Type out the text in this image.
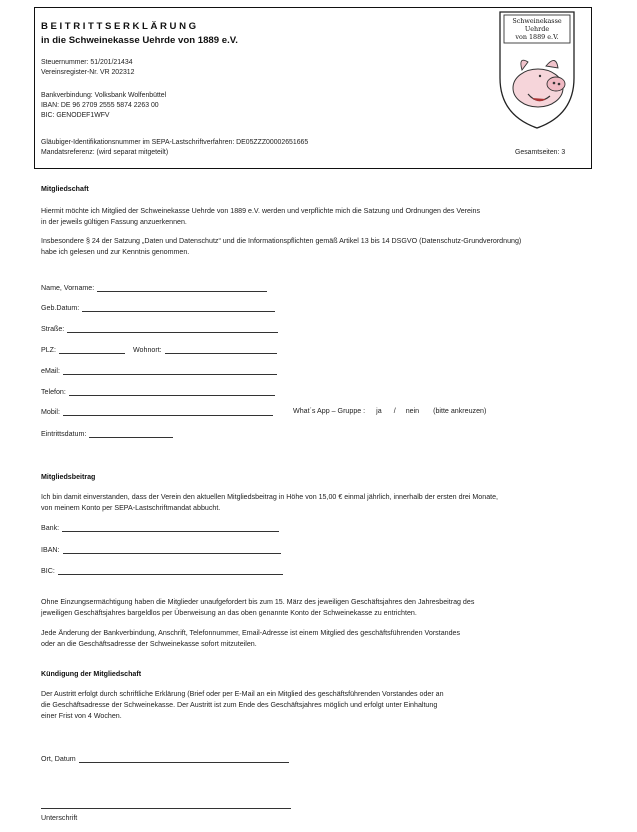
BEITRITTSERKLÄRUNG
in die Schweinekasse Uehrde von 1889 e.V.
Steuernummer: 51/201/21434
Vereinsregister-Nr. VR 202312
Bankverbindung: Volksbank Wolfenbüttel
IBAN: DE 96 2709 2555 5874 2263 00
BIC: GENODEF1WFV
Gläubiger-Identifikationsnummer im SEPA-Lastschriftverfahren: DE05ZZZ00002651665
Mandatsreferenz: (wird separat mitgeteilt)	Gesamtseiten: 3
Schweinekasse
Uehrde
von 1889 e.V.
Mitgliedschaft
Hiermit möchte ich Mitglied der Schweinekasse Uehrde von 1889 e.V. werden und verpflichte mich die Satzung und Ordnungen des Vereins
in der jeweils gültigen Fassung anzuerkennen.
Insbesondere § 24 der Satzung „Daten und Datenschutz“ und die Informationspflichten gemäß Artikel 13 bis 14 DSGVO (Datenschutz-Grundverordnung)
habe ich gelesen und zur Kenntnis genommen.
Name, Vorname:
Geb.Datum:
Straße:
PLZ:	Wohnort:
eMail:
Telefon:
Mobil:	What´s App – Gruppe : ja / nein (bitte ankreuzen)
Eintrittsdatum:
Mitgliedsbeitrag
Ich bin damit einverstanden, dass der Verein den aktuellen Mitgliedsbeitrag in Höhe von 15,00 € einmal jährlich, innerhalb der ersten drei Monate,
von meinem Konto per SEPA-Lastschriftmandat abbucht.
Bank:
IBAN:
BIC:
Ohne Einzungsermächtigung haben die Mitglieder unaufgefordert bis zum 15. März des jeweiligen Geschäftsjahres den Jahresbeitrag des
jeweiligen Geschäftsjahres bargeldlos per Überweisung an das oben genannte Konto der Schweinekasse zu entrichten.
Jede Änderung der Bankverbindung, Anschrift, Telefonnummer, Email-Adresse ist einem Mitglied des geschäftsführenden Vorstandes
oder an die Geschäftsadresse der Schweinekasse sofort mitzuteilen.
Kündigung der Mitgliedschaft
Der Austritt erfolgt durch schriftliche Erklärung (Brief oder per E-Mail an ein Mitglied des geschäftsführenden Vorstandes oder an
die Geschäftsadresse der Schweinekasse. Der Austritt ist zum Ende des Geschäftsjahres möglich und erfolgt unter Einhaltung
einer Frist von 4 Wochen.
Ort, Datum
Unterschrift
